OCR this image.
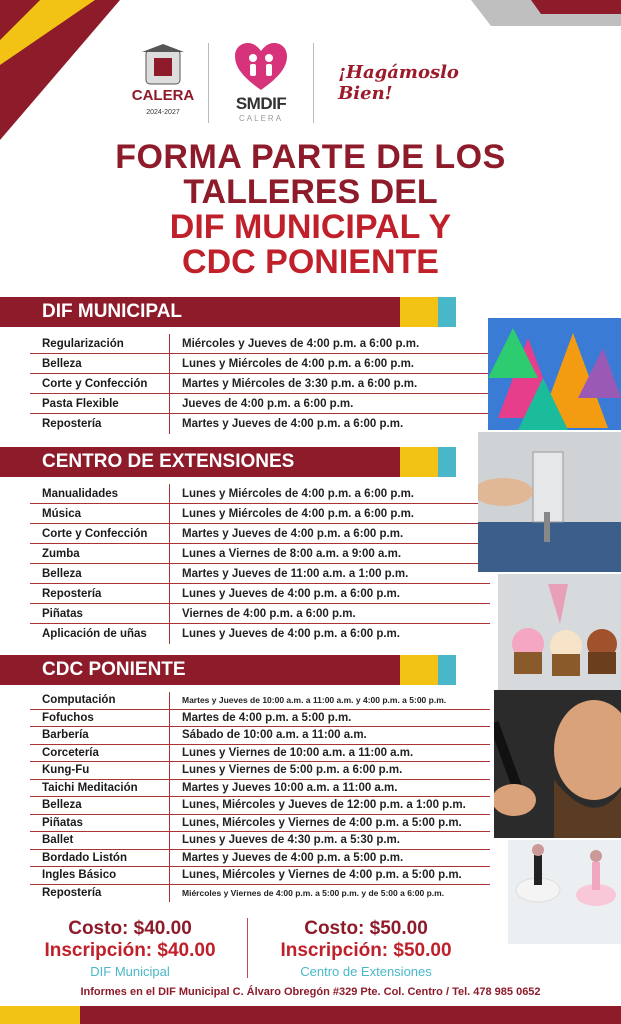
CALERA
2024-2027	SMDIF
CALERA
¡Hagámoslo Bien!
FORMA PARTE DE LOS
TALLERES DEL
DIF MUNICIPAL Y
CDC PONIENTE
DIF MUNICIPAL
Regularización	Miércoles y Jueves de 4:00 p.m. a 6:00 p.m.
Belleza	Lunes y Miércoles de 4:00 p.m. a 6:00 p.m.
Corte y Confección	Martes y Miércoles de 3:30 p.m. a 6:00 p.m.
Pasta Flexible	Jueves de 4:00 p.m. a 6:00 p.m.
Repostería	Martes y Jueves de 4:00 p.m. a 6:00 p.m.
CENTRO DE EXTENSIONES
Manualidades	Lunes y Miércoles de 4:00 p.m. a 6:00 p.m.
Música	Lunes y Miércoles de 4:00 p.m. a 6:00 p.m.
Corte y Confección	Martes y Jueves de 4:00 p.m. a 6:00 p.m.
Zumba	Lunes a Viernes de 8:00 a.m. a 9:00 a.m.
Belleza	Martes y Jueves de 11:00 a.m. a 1:00 p.m.
Repostería	Lunes y Jueves de 4:00 p.m. a 6:00 p.m.
Piñatas	Viernes de 4:00 p.m. a 6:00 p.m.
Aplicación de uñas	Lunes y Jueves de 4:00 p.m. a 6:00 p.m.
CDC PONIENTE
Computación	Martes y Jueves de 10:00 a.m. a 11:00 a.m. y 4:00 p.m. a 5:00 p.m.
Fofuchos	Martes de 4:00 p.m. a 5:00 p.m.
Barbería	Sábado de 10:00 a.m. a 11:00 a.m.
Corcetería	Lunes y Viernes de 10:00 a.m. a 11:00 a.m.
Kung-Fu	Lunes y Viernes de 5:00 p.m. a 6:00 p.m.
Taichi Meditación	Martes y Jueves 10:00 a.m. a 11:00 a.m.
Belleza	Lunes, Miércoles y Jueves de 12:00 p.m. a 1:00 p.m.
Piñatas	Lunes, Miércoles y Viernes de 4:00 p.m. a 5:00 p.m.
Ballet	Lunes y Jueves de 4:30 p.m. a 5:30 p.m.
Bordado Listón	Martes y Jueves de 4:00 p.m. a 5:00 p.m.
Ingles Básico	Lunes, Miércoles y Viernes de 4:00 p.m. a 5:00 p.m.
Repostería	Miércoles y Viernes de 4:00 p.m. a 5:00 p.m. y de 5:00 a 6:00 p.m.
Costo: $40.00
Inscripción: $40.00
DIF Municipal
Costo: $50.00
Inscripción: $50.00
Centro de Extensiones
Informes en el DIF Municipal C. Álvaro Obregón #329 Pte. Col. Centro / Tel. 478 985 0652
